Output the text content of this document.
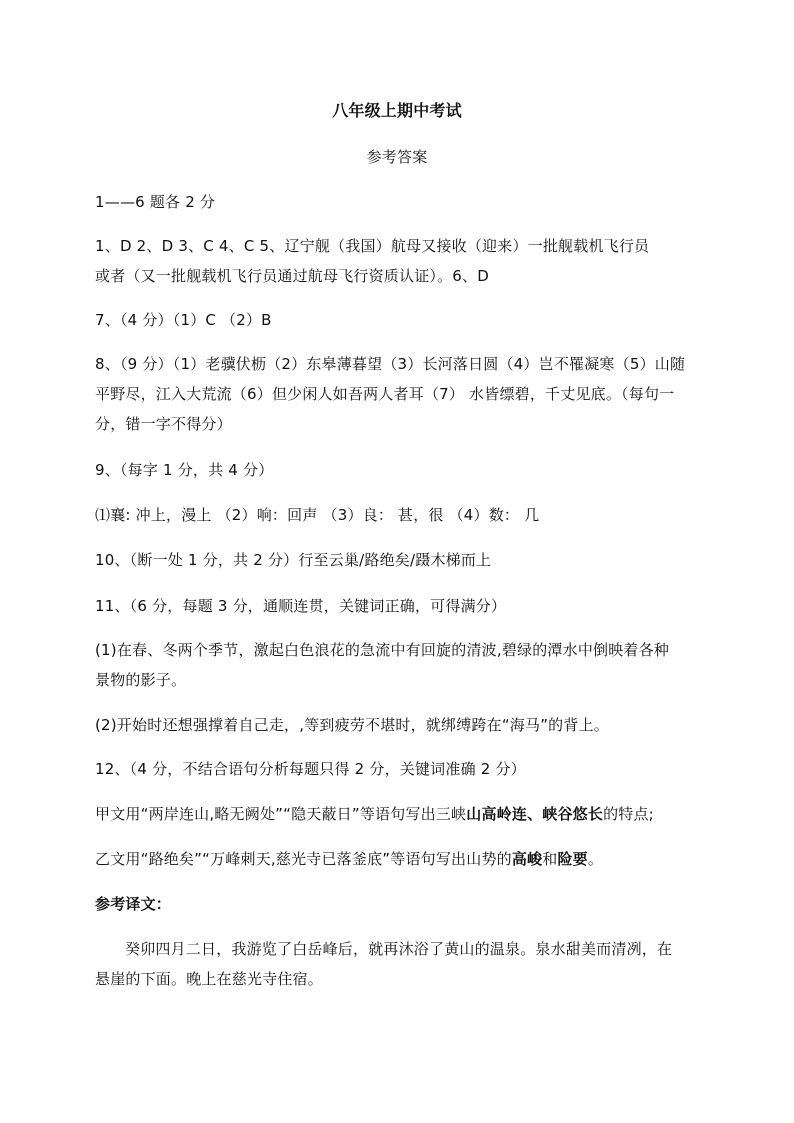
八年级上期中考试
参考答案
1——6 题各 2 分
1、D 2、D 3、C 4、C 5、辽宁舰（我国）航母又接收（迎来）一批舰载机飞行员
或者（又一批舰载机飞行员通过航母飞行资质认证）。6、D
7、（4 分）（1）C （2）B
8、（9 分）（1）老骥伏枥（2）东皋薄暮望（3）长河落日圆（4）岂不罹凝寒（5）山随
平野尽，江入大荒流（6）但少闲人如吾两人者耳（7） 水皆缥碧，千丈见底。（每句一
分，错一字不得分）
9、（每字 1 分，共 4 分）
⑴襄: 冲上，漫上 （2）响：回声 （3）良： 甚，很 （4）数： 几
10、（断一处 1 分，共 2 分）行至云巢/路绝矣/蹑木梯而上
11、（6 分，每题 3 分，通顺连贯，关键词正确，可得满分）
(1)在春、冬两个季节，激起白色浪花的急流中有回旋的清波,碧绿的潭水中倒映着各种
景物的影子。
(2)开始时还想强撑着自己走，,等到疲劳不堪时，就绑缚跨在“海马”的背上。
12、（4 分，不结合语句分析每题只得 2 分，关键词准确 2 分）
甲文用“两岸连山,略无阙处”“隐天蔽日”等语句写出三峡山高岭连、峡谷悠长的特点;
乙文用“路绝矣”“万峰刺天,慈光寺已落釜底”等语句写出山势的高峻和险要。
参考译文：
癸卯四月二日，我游览了白岳峰后，就再沐浴了黄山的温泉。泉水甜美而清冽，在
悬崖的下面。晚上在慈光寺住宿。
